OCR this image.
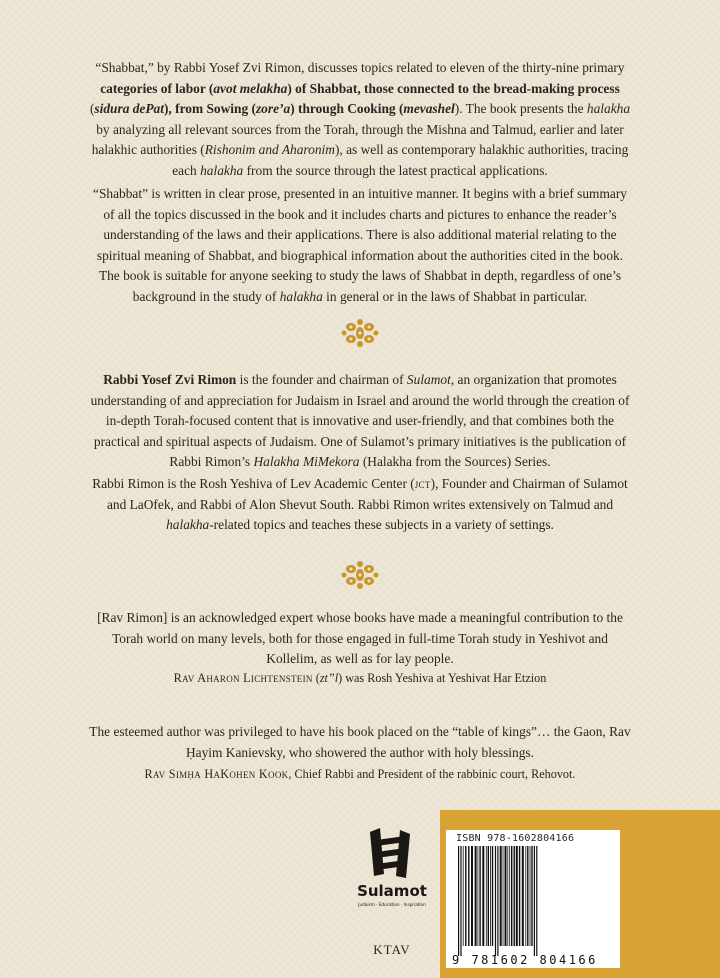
“Shabbat,” by Rabbi Yosef Zvi Rimon, discusses topics related to eleven of the thirty-nine primary categories of labor (avot melakha) of Shabbat, those connected to the bread-making process (sidura dePat), from Sowing (zore’a) through Cooking (mevashel). The book presents the halakha by analyzing all relevant sources from the Torah, through the Mishna and Talmud, earlier and later halakhic authorities (Rishonim and Aharonim), as well as contemporary halakhic authorities, tracing each halakha from the source through the latest practical applications.

“Shabbat” is written in clear prose, presented in an intuitive manner. It begins with a brief summary of all the topics discussed in the book and it includes charts and pictures to enhance the reader’s understanding of the laws and their applications. There is also additional material relating to the spiritual meaning of Shabbat, and biographical information about the authorities cited in the book. The book is suitable for anyone seeking to study the laws of Shabbat in depth, regardless of one’s background in the study of halakha in general or in the laws of Shabbat in particular.

Rabbi Yosef Zvi Rimon is the founder and chairman of Sulamot, an organization that promotes understanding of and appreciation for Judaism in Israel and around the world through the creation of in-depth Torah-focused content that is innovative and user-friendly, and that combines both the practical and spiritual aspects of Judaism. One of Sulamot’s primary initiatives is the publication of Rabbi Rimon’s Halakha MiMekora (Halakha from the Sources) Series.

Rabbi Rimon is the Rosh Yeshiva of Lev Academic Center (jct), Founder and Chairman of Sulamot and LaOfek, and Rabbi of Alon Shevut South. Rabbi Rimon writes extensively on Talmud and halakha-related topics and teaches these subjects in a variety of settings.

[Rav Rimon] is an acknowledged expert whose books have made a meaningful contribution to the Torah world on many levels, both for those engaged in full-time Torah study in Yeshivot and Kollelim, as well as for lay people.

Rav Aharon Lichtenstein (zt”l) was Rosh Yeshiva at Yeshivat Har Etzion

The esteemed author was privileged to have his book placed on the “table of kings”… the Gaon, Rav Ḥayim Kanievsky, who showered the author with holy blessings.

Rav Simḥa HaKohen Kook, Chief Rabbi and President of the rabbinic court, Rehovot.

Sulamot
Judaism · Education · Inspiration
KTAV
ISBN 978-1602804166
9 781602 804166
